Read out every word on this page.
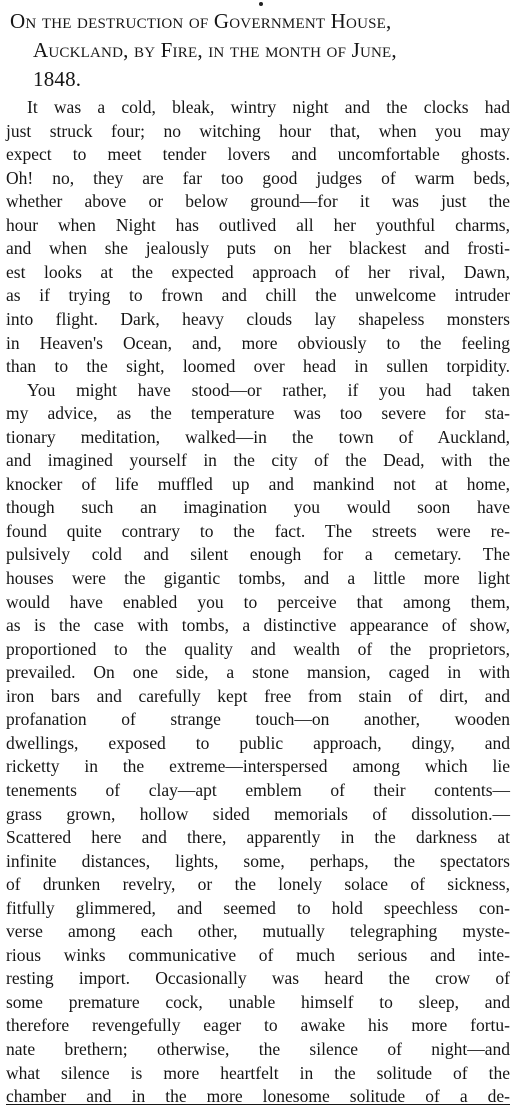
On the destruction of Government House,
Auckland, by Fire, in the month of June,
1848.
It was a cold, bleak, wintry night and the clocks had
just struck four; no witching hour that, when you may
expect to meet tender lovers and uncomfortable ghosts.
Oh! no, they are far too good judges of warm beds,
whether above or below ground—for it was just the
hour when Night has outlived all her youthful charms,
and when she jealously puts on her blackest and frosti-
est looks at the expected approach of her rival, Dawn,
as if trying to frown and chill the unwelcome intruder
into flight. Dark, heavy clouds lay shapeless monsters
in Heaven's Ocean, and, more obviously to the feeling
than to the sight, loomed over head in sullen torpidity.
You might have stood—or rather, if you had taken
my advice, as the temperature was too severe for sta-
tionary meditation, walked—in the town of Auckland,
and imagined yourself in the city of the Dead, with the
knocker of life muffled up and mankind not at home,
though such an imagination you would soon have
found quite contrary to the fact. The streets were re-
pulsively cold and silent enough for a cemetary. The
houses were the gigantic tombs, and a little more light
would have enabled you to perceive that among them,
as is the case with tombs, a distinctive appearance of show,
proportioned to the quality and wealth of the proprietors,
prevailed. On one side, a stone mansion, caged in with
iron bars and carefully kept free from stain of dirt, and
profanation of strange touch—on another, wooden
dwellings, exposed to public approach, dingy, and
ricketty in the extreme—interspersed among which lie
tenements of clay—apt emblem of their contents—
grass grown, hollow sided memorials of dissolution.—
Scattered here and there, apparently in the darkness at
infinite distances, lights, some, perhaps, the spectators
of drunken revelry, or the lonely solace of sickness,
fitfully glimmered, and seemed to hold speechless con-
verse among each other, mutually telegraphing myste-
rious winks communicative of much serious and inte-
resting import. Occasionally was heard the crow of
some premature cock, unable himself to sleep, and
therefore revengefully eager to awake his more fortu-
nate brethern; otherwise, the silence of night—and
what silence is more heartfelt in the solitude of the
chamber and in the more lonesome solitude of a de-
